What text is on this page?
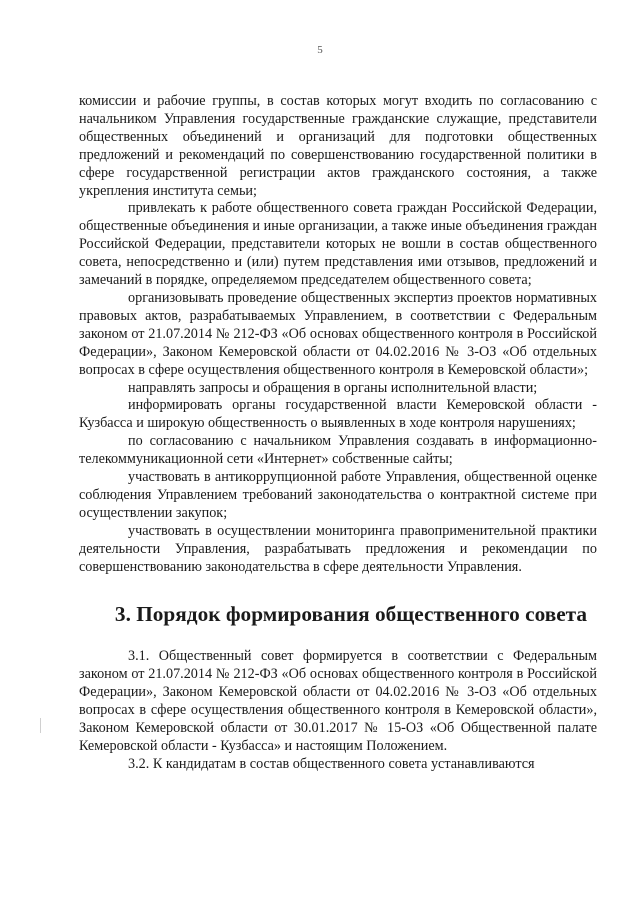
5

комиссии и рабочие группы, в состав которых могут входить по согласованию с начальником Управления государственные гражданские служащие, представители общественных объединений и организаций для подготовки общественных предложений и рекомендаций по совершенствованию государственной политики в сфере государственной регистрации актов гражданского состояния, а также укрепления института семьи;

привлекать к работе общественного совета граждан Российской Федерации, общественные объединения и иные организации, а также иные объединения граждан Российской Федерации, представители которых не вошли в состав общественного совета, непосредственно и (или) путем представления ими отзывов, предложений и замечаний в порядке, определяемом председателем общественного совета;

организовывать проведение общественных экспертиз проектов нормативных правовых актов, разрабатываемых Управлением, в соответствии с Федеральным законом от 21.07.2014 № 212-ФЗ «Об основах общественного контроля в Российской Федерации», Законом Кемеровской области от 04.02.2016 № 3-ОЗ «Об отдельных вопросах в сфере осуществления общественного контроля в Кемеровской области»;

направлять запросы и обращения в органы исполнительной власти;

информировать органы государственной власти Кемеровской области - Кузбасса и широкую общественность о выявленных в ходе контроля нарушениях;

по согласованию с начальником Управления создавать в информационно-телекоммуникационной сети «Интернет» собственные сайты;

участвовать в антикоррупционной работе Управления, общественной оценке соблюдения Управлением требований законодательства о контрактной системе при осуществлении закупок;

участвовать в осуществлении мониторинга правоприменительной практики деятельности Управления, разрабатывать предложения и рекомендации по совершенствованию законодательства в сфере деятельности Управления.

3. Порядок формирования общественного совета

3.1. Общественный совет формируется в соответствии с Федеральным законом от 21.07.2014 № 212-ФЗ «Об основах общественного контроля в Российской Федерации», Законом Кемеровской области от 04.02.2016 № 3-ОЗ «Об отдельных вопросах в сфере осуществления общественного контроля в Кемеровской области», Законом Кемеровской области от 30.01.2017 № 15-ОЗ «Об Общественной палате Кемеровской области - Кузбасса» и настоящим Положением.

3.2. К кандидатам в состав общественного совета устанавливаются
